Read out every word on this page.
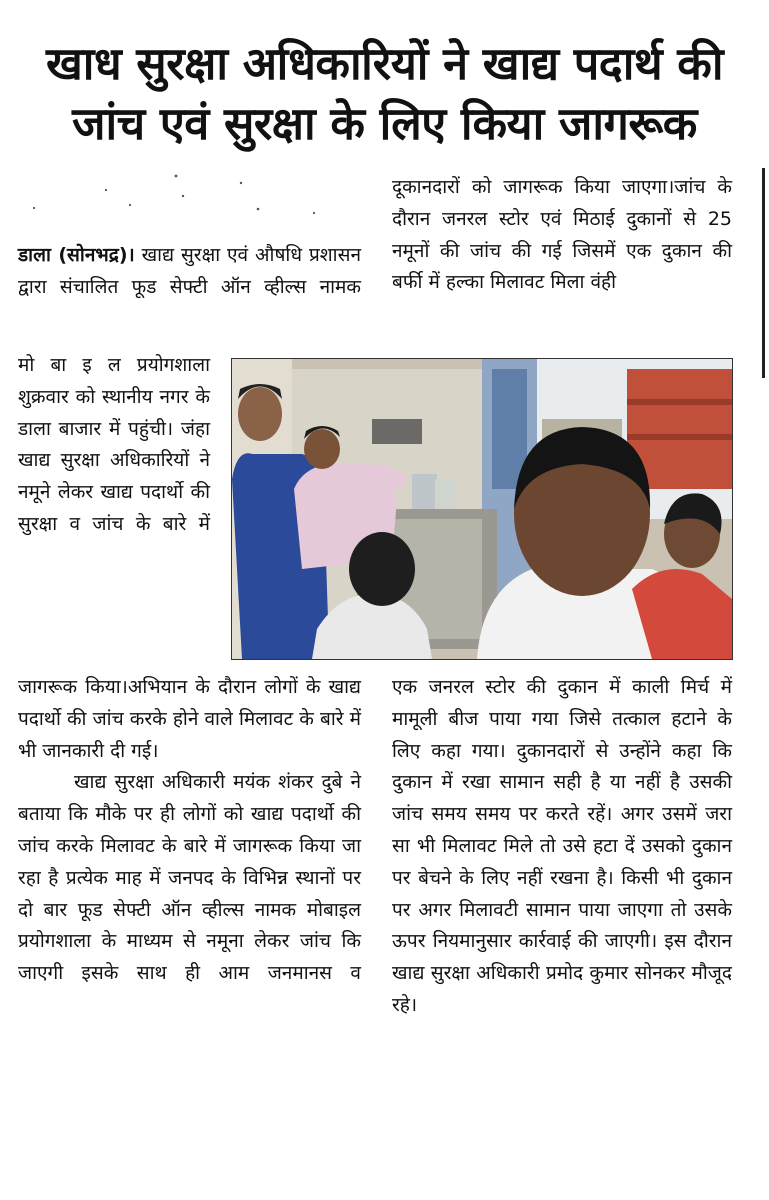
खाध सुरक्षा अधिकारियों ने खाद्य पदार्थ की
जांच एवं सुरक्षा के लिए किया जागरूक

दूकानदारों को जागरूक किया जाएगा।जांच के दौरान जनरल स्टोर एवं मिठाई दुकानों से 25 नमूनों की जांच की गई जिसमें एक दुकान की बर्फी में हल्का मिलावट मिला वंही

डाला (सोनभद्र)। खाद्य सुरक्षा एवं औषधि प्रशासन द्वारा संचालित फूड सेफ्टी ऑन व्हील्स नामक

मो बा इ ल प्रयोगशाला शुक्रवार को स्थानीय नगर के डाला बाजार में पहुंची। जंहा खाद्य सुरक्षा अधिकारियों ने नमूने लेकर खाद्य पदार्थो की सुरक्षा व जांच के बारे में

जागरूक किया।अभियान के दौरान लोगों के खाद्य पदार्थो की जांच करके होने वाले मिलावट के बारे में भी जानकारी दी गई।

खाद्य सुरक्षा अधिकारी मयंक शंकर दुबे ने बताया कि मौके पर ही लोगों को खाद्य पदार्थो की जांच करके मिलावट के बारे में जागरूक किया जा रहा है प्रत्येक माह में जनपद के विभिन्न स्थानों पर दो बार फूड सेफ्टी ऑन व्हील्स नामक मोबाइल प्रयोगशाला के माध्यम से नमूना लेकर जांच कि जाएगी इसके साथ ही आम जनमानस व

एक जनरल स्टोर की दुकान में काली मिर्च में मामूली बीज पाया गया जिसे तत्काल हटाने के लिए कहा गया। दुकानदारों से उन्होंने कहा कि दुकान में रखा सामान सही है या नहीं है उसकी जांच समय समय पर करते रहें। अगर उसमें जरा सा भी मिलावट मिले तो उसे हटा दें उसको दुकान पर बेचने के लिए नहीं रखना है। किसी भी दुकान पर अगर मिलावटी सामान पाया जाएगा तो उसके ऊपर नियमानुसार कार्रवाई की जाएगी। इस दौरान खाद्य सुरक्षा अधिकारी प्रमोद कुमार सोनकर मौजूद रहे।
